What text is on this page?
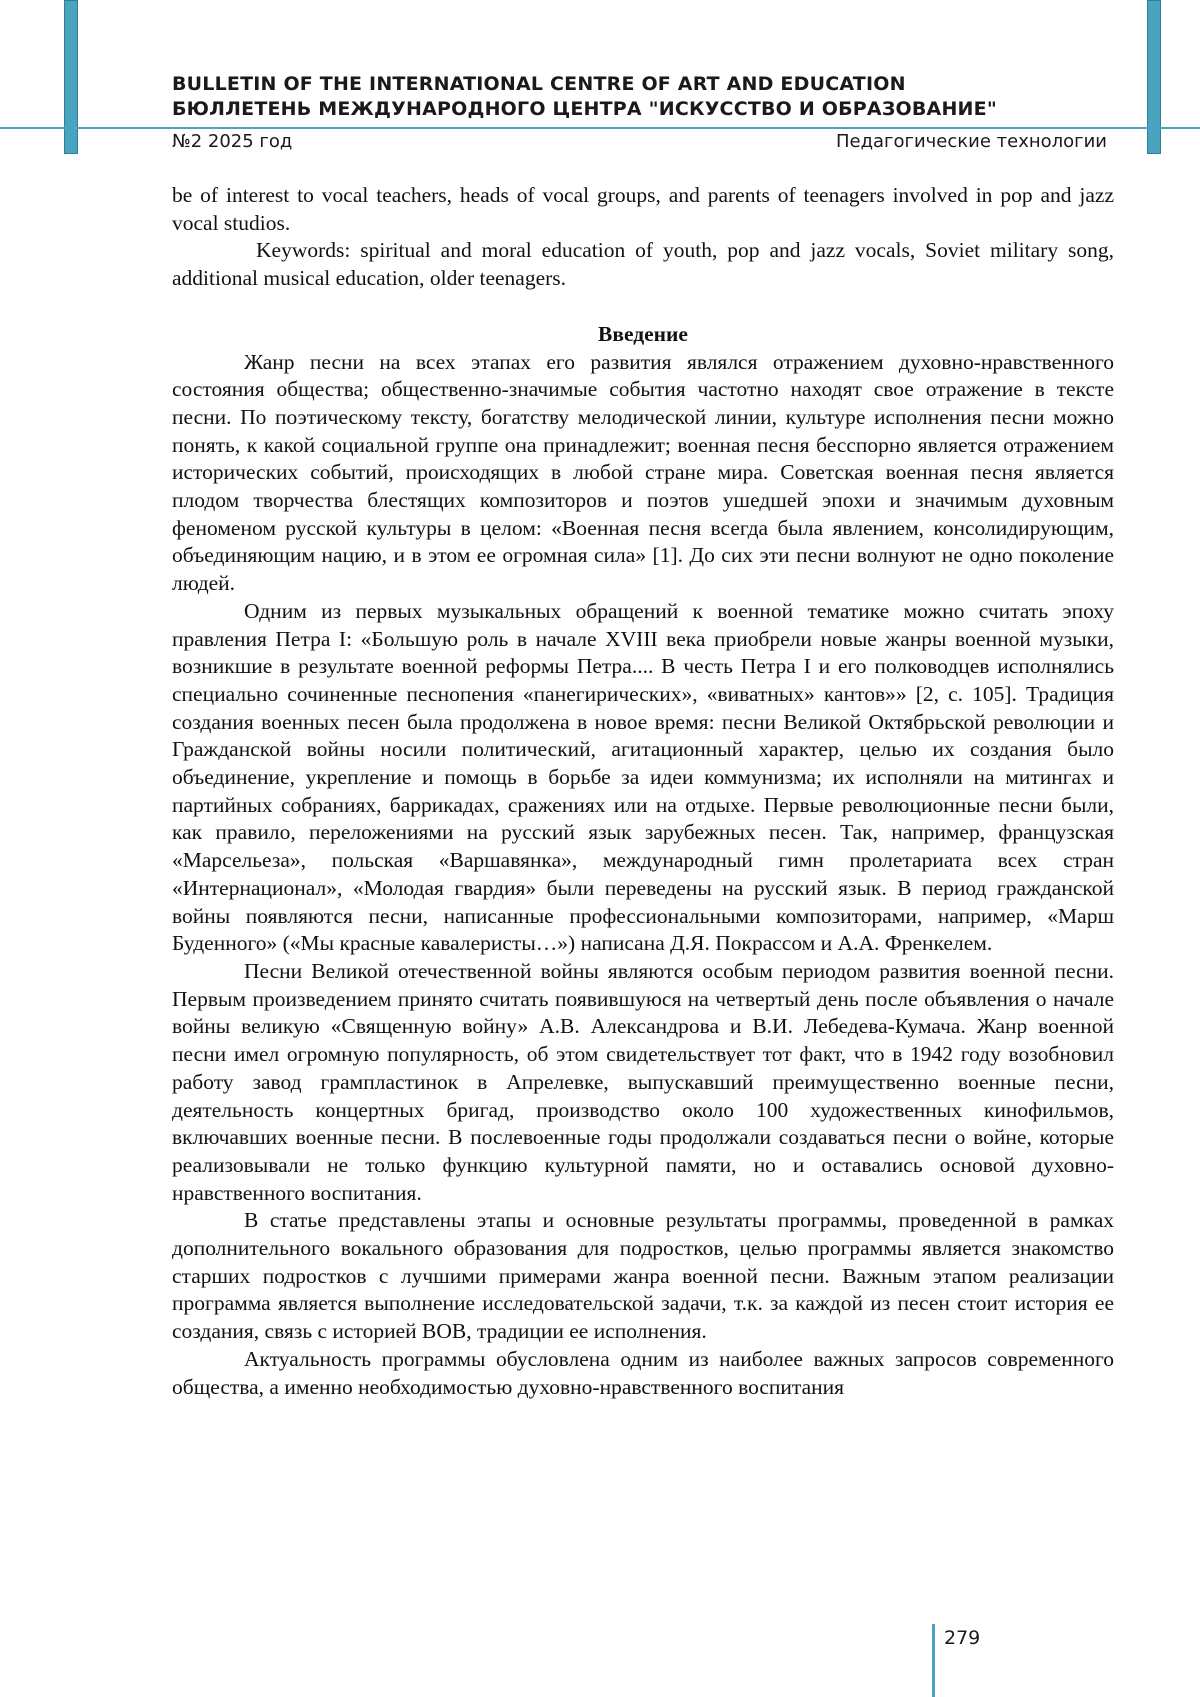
BULLETIN OF THE INTERNATIONAL CENTRE OF ART AND EDUCATION
БЮЛЛЕТЕНЬ МЕЖДУНАРОДНОГО ЦЕНТРА "ИСКУССТВО И ОБРАЗОВАНИЕ"
№2 2025 год	Педагогические технологии

be of interest to vocal teachers, heads of vocal groups, and parents of teenagers involved in pop and jazz vocal studios.

Keywords: spiritual and moral education of youth, pop and jazz vocals, Soviet military song, additional musical education, older teenagers.

Введение

Жанр песни на всех этапах его развития являлся отражением духовно-нравственного состояния общества; общественно-значимые события частотно находят свое отражение в тексте песни. По поэтическому тексту, богатству мелодической линии, культуре исполнения песни можно понять, к какой социальной группе она принадлежит; военная песня бесспорно является отражением исторических событий, происходящих в любой стране мира. Советская военная песня является плодом творчества блестящих композиторов и поэтов ушедшей эпохи и значимым духовным феноменом русской культуры в целом: «Военная песня всегда была явлением, консолидирующим, объединяющим нацию, и в этом ее огромная сила» [1]. До сих эти песни волнуют не одно поколение людей.

Одним из первых музыкальных обращений к военной тематике можно считать эпоху правления Петра I: «Большую роль в начале XVIII века приобрели новые жанры военной музыки, возникшие в результате военной реформы Петра.... В честь Петра I и его полководцев исполнялись специально сочиненные песнопения «панегирических», «виватных» кантов»» [2, с. 105]. Традиция создания военных песен была продолжена в новое время: песни Великой Октябрьской революции и Гражданской войны носили политический, агитационный характер, целью их создания было объединение, укрепление и помощь в борьбе за идеи коммунизма; их исполняли на митингах и партийных собраниях, баррикадах, сражениях или на отдыхе. Первые революционные песни были, как правило, переложениями на русский язык зарубежных песен. Так, например, французская «Марсельеза», польская «Варшавянка», международный гимн пролетариата всех стран «Интернационал», «Молодая гвардия» были переведены на русский язык. В период гражданской войны появляются песни, написанные профессиональными композиторами, например, «Марш Буденного» («Мы красные кавалеристы…») написана Д.Я. Покрассом и А.А. Френкелем.

Песни Великой отечественной войны являются особым периодом развития военной песни. Первым произведением принято считать появившуюся на четвертый день после объявления о начале войны великую «Священную войну» А.В. Александрова и В.И. Лебедева-Кумача. Жанр военной песни имел огромную популярность, об этом свидетельствует тот факт, что в 1942 году возобновил работу завод грампластинок в Апрелевке, выпускавший преимущественно военные песни, деятельность концертных бригад, производство около 100 художественных кинофильмов, включавших военные песни. В послевоенные годы продолжали создаваться песни о войне, которые реализовывали не только функцию культурной памяти, но и оставались основой духовно-нравственного воспитания.

В статье представлены этапы и основные результаты программы, проведенной в рамках дополнительного вокального образования для подростков, целью программы является знакомство старших подростков с лучшими примерами жанра военной песни. Важным этапом реализации программа является выполнение исследовательской задачи, т.к. за каждой из песен стоит история ее создания, связь с историей ВОВ, традиции ее исполнения.

Актуальность программы обусловлена одним из наиболее важных запросов современного общества, а именно необходимостью духовно-нравственного воспитания

279
